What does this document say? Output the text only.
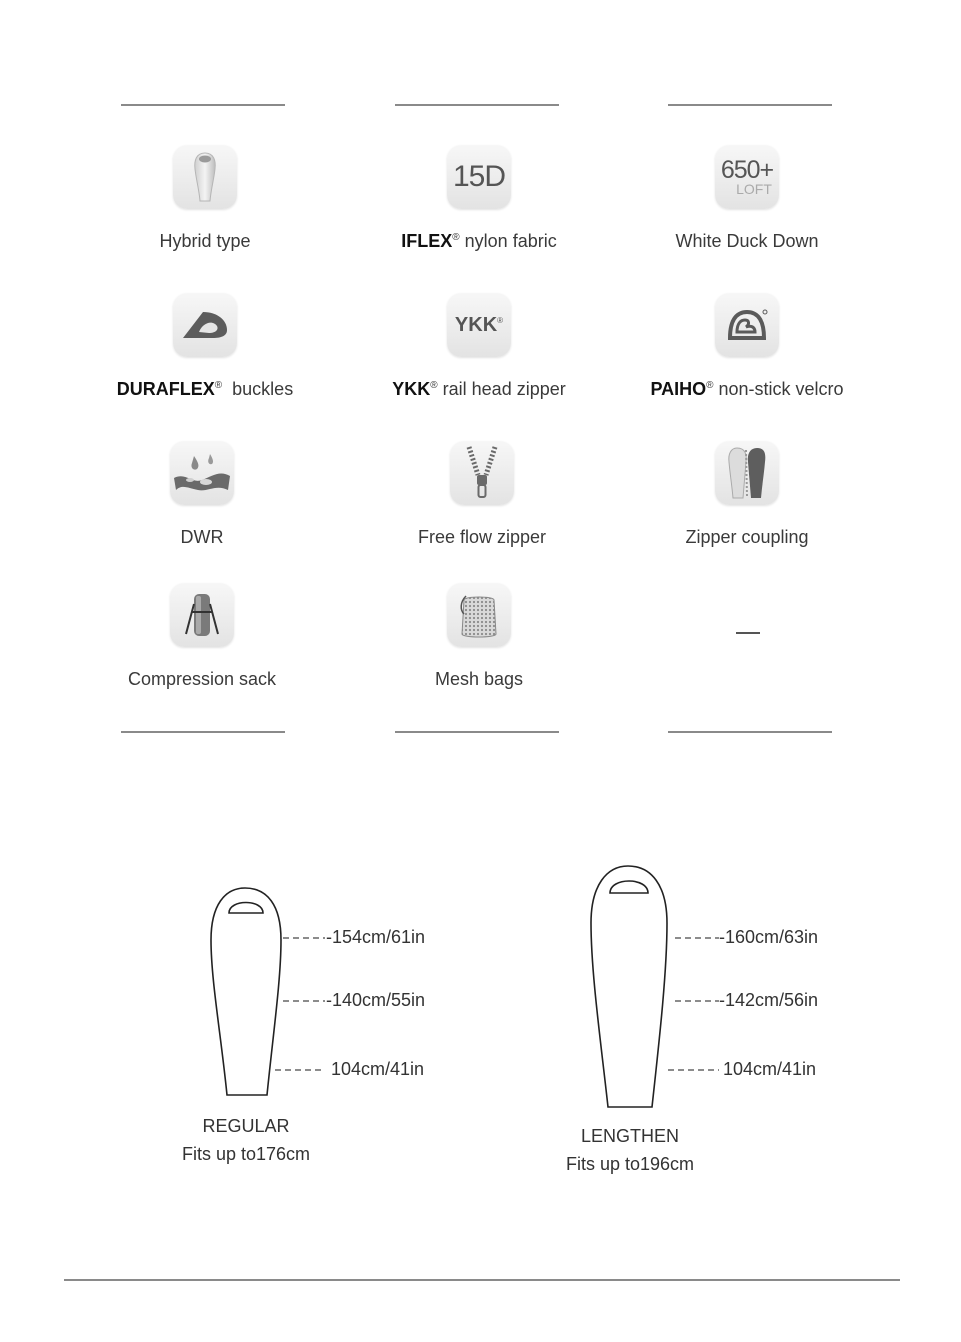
Hybrid type
15D
IFLEX® nylon fabric
650+
LOFT
White Duck Down
DURAFLEX®  buckles
YKK ®
YKK® rail head zipper	PAIHO® non-stick velcro
DWR	Free flow zipper	Zipper coupling
Compression sack	Mesh bags
-154cm/61in
-140cm/55in
104cm/41in
REGULAR
Fits up to176cm
-160cm/63in
-142cm/56in
104cm/41in
LENGTHEN
Fits up to196cm
